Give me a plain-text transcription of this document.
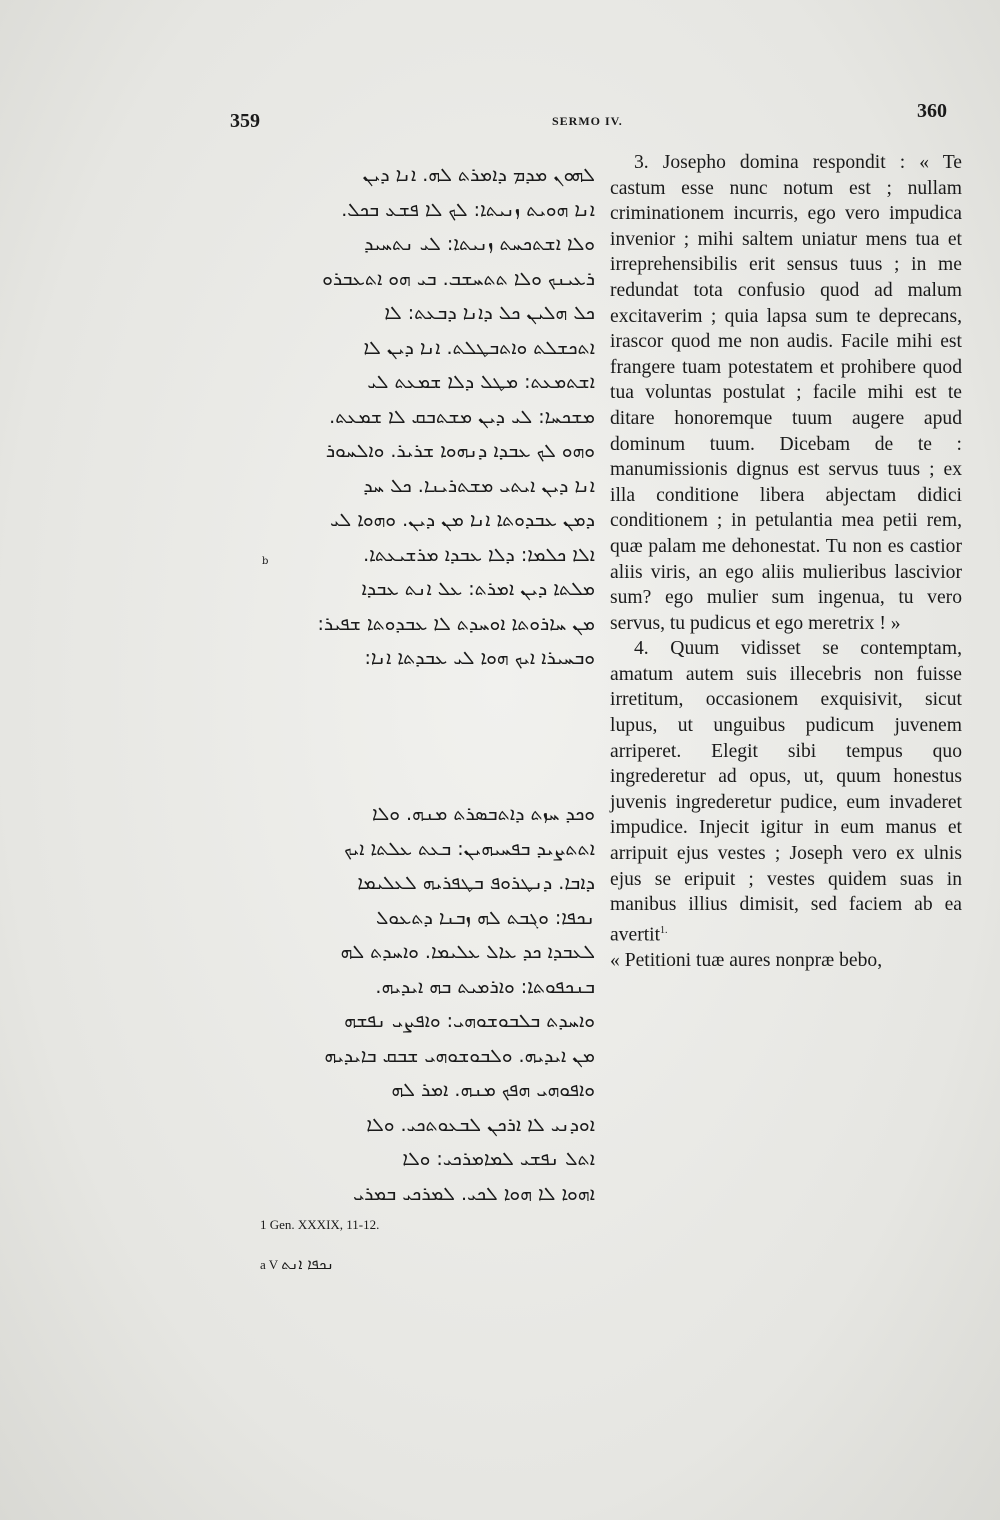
359	SERMO IV.	360
ܠܗܘܢ ܡܕܡ ܕܐܡܪܬ ܠܗ. ܐܢܐ ܕܝܢ
ܐܢܐ ܗܘܝܬ ܙܢܝܬܐ: ܠܟ ܠܐ ܦܫܥ ܒܟܠ.
ܘܠܐ ܐܫܬܟܚܬ ܙܢܝܬܐ: ܠܝ ܢܬܚܝܕ
ܪܥܝܢܟ ܘܠܐ ܬܬܚܫܒ. ܒܝ ܗܘ ܐܬܥܒܪܘ
ܟܠ ܗܠܝܢ ܟܠ ܕܐܢܐ ܕܒܥܬ: ܠܐ
ܐܬܟܫܠܬ ܘܐܬܒܛܠܬ. ܐܢܐ ܕܝܢ ܠܐ
ܐܫܬܡܥܬ: ܡܛܠ ܕܠܐ ܫܡܥܬ ܠܝ
ܡܫܟܚܐ: ܠܝ ܕܝܢ ܡܫܬܒܩ ܠܐ ܫܡܥܬ.
ܘܗܘ ܠܟ ܥܒܕܐ ܕܢܗܘܐ ܫܪܝܪ. ܘܐܠܚܘܪ
ܐܢܐ ܕܝܢ ܐܝܬܝ ܡܫܬܪܝܢܐ. ܟܠ ܚܕ
ܕܡܢ ܥܒܕܘܬܐ ܐܢܐ ܡܢ ܕܝܢ. ܘܗܘܐ ܠܝ
ܐܠܐ ܟܠܡܐ: ܕܠܐ ܥܒܕܐ ܡܪܫܝܥܬܐ.
ܡܠܬܐ ܕܝܢ ܐܡܪܬ: ܥܠ ܐܢܬ ܥܒܕܐ
ܡܢ ܚܐܪܘܬܐ ܐܘܚܕܬ ܠܐ ܥܒܕܘܬܐ ܫܦܝܪ:
ܘܒܚܝܪܐ ܐܝܟ ܗܘܐ ܠܝ ܥܒܕܬܐ ܐܢܐ:
b
ܘܟܕ ܚܙܬ ܕܐܬܒܣܪܬ ܡܢܗ. ܘܠܐ
ܐܬܬܨܝܕ ܒܦܚܝܗܝܢ: ܒܥܬ ܥܠܬܐ ܐܝܟ
ܕܐܒܐ. ܕܢܛܪܘܦ ܒܛܦܪܝܗ ܠܥܠܝܡܐ
ܢܟܦܐ: ܘܓܒܬ ܠܗ ܙܒܢܐ ܕܬܥܘܠ
ܠܥܒܕܐ ܟܕ ܥܐܠ ܥܠܝܡܐ. ܘܐܚܕܬ ܠܗ
ܒܢܟܦܘܬܐ: ܘܐܪܡܝܬ ܒܗ ܐܝܕܝܗ.
ܘܐܚܕܬ ܒܠܒܘܫܘܗܝ: ܘܐܦܨܝ ܢܦܫܗ
ܡܢ ܐܝܕܝܗ. ܘܠܒܘܫܘܗܝ ܫܒܩ ܒܐܝܕܝܗ
ܘܐܦܘܗܝ ܗܦܟ ܡܢܗ. ܐܡܪ ܠܗ
ܐܘܕܢܝ ܠܐ ܐܪܟܢ ܠܒܥܘܬܟܝ. ܘܠܐ
ܐܬܠ ܢܦܫܝ ܠܡܐܡܪܟܝ: ܘܠܐ
ܐܗܘܐ ܠܐ ܗܘܐ ܠܟܝ. ܠܡܪܟܝ ܒܡܪܝ

3. Josepho domina respondit : « Te castum esse nunc notum est ; nullam criminationem incurris, ego vero impudica invenior ; mihi saltem uniatur mens tua et irreprehensibilis erit sensus tuus ; in me redundat tota confusio quod ad malum excitaverim ; quia lapsa sum te deprecans, irascor quod me non audis. Facile mihi est frangere tuam potestatem et prohibere quod tua voluntas postulat ; facile mihi est te ditare honoremque tuum augere apud dominum tuum. Dicebam de te : manumissionis dignus est servus tuus ; ex illa conditione libera abjectam didici conditionem ; in petulantia mea petii rem, quæ palam me dehonestat. Tu non es castior aliis viris, an ego aliis mulieribus lascivior sum? ego mulier sum ingenua, tu vero servus, tu pudicus et ego meretrix ! »

4. Quum vidisset se contemptam, amatum autem suis illecebris non fuisse irretitum, occasionem exquisivit, sicut lupus, ut unguibus pudicum juvenem arriperet. Elegit sibi tempus quo ingrederetur ad opus, ut, quum honestus juvenis ingrederetur pudice, eum invaderet impudice. Injecit igitur in eum manus et arripuit ejus vestes ; Joseph vero ex ulnis ejus se eripuit ; vestes quidem suas in manibus illius dimisit, sed faciem ab ea avertit$^{1.}$

« Petitioni tuæ aures nonpræ bebo,

1 Gen. XXXIX, 11-12.
a V ܢܟܦܐ ܐܢܬ
